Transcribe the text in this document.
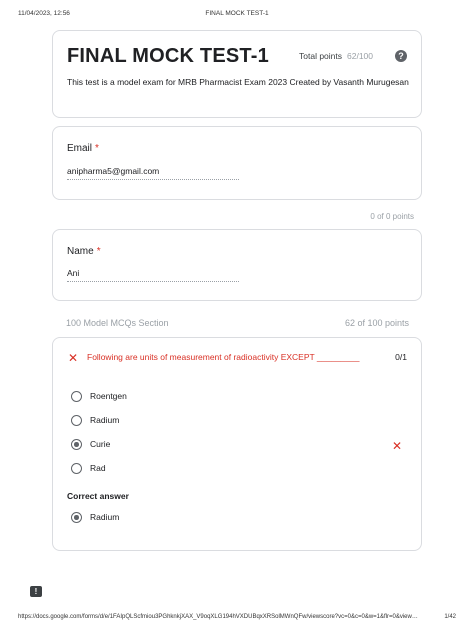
11/04/2023, 12:56	FINAL MOCK TEST-1
FINAL MOCK TEST-1	Total points 62/100	?
This test is a model exam for MRB Pharmacist Exam 2023 Created by Vasanth Murugesan
Email *
anipharma5@gmail.com
0 of 0 points
Name *
Ani
100 Model MCQs Section	62 of 100 points
✕ Following are units of measurement of radioactivity EXCEPT _________	0/1
Roentgen
Radium
Curie	✕
Rad
Correct answer
Radium
!
https://docs.google.com/forms/d/e/1FAIpQLScfmiou3PGhknkjXAX_V9oqXLG194hVXDUBqxXRSolMWnQFw/viewscore?vc=0&c=0&w=1&flr=0&view…	1/42
